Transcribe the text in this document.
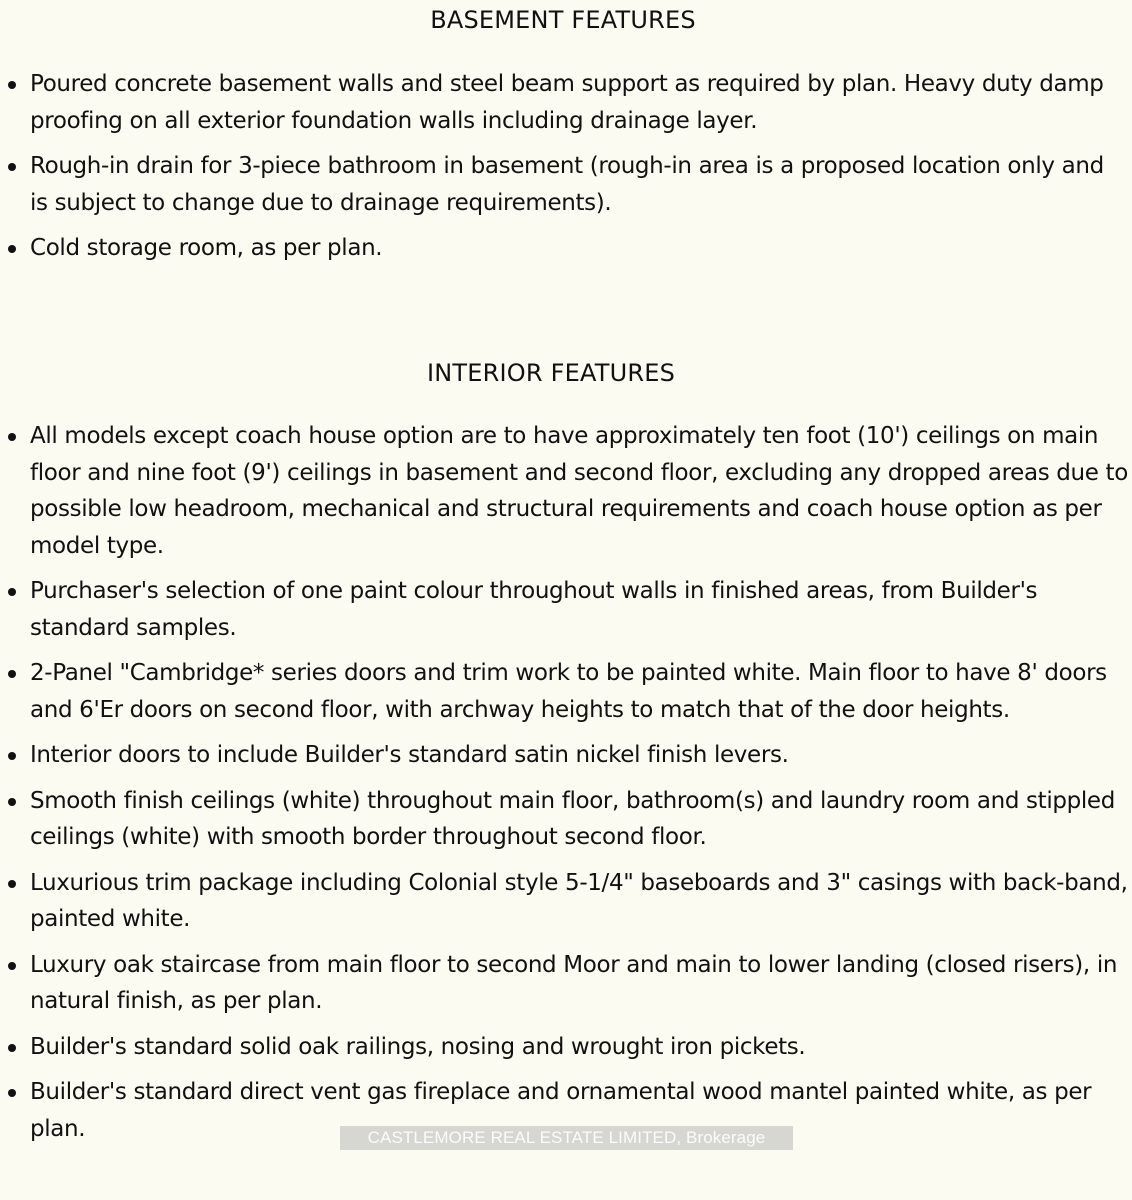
BASEMENT FEATURES
Poured concrete basement walls and steel beam support as required by plan. Heavy duty damp proofing on all exterior foundation walls including drainage layer.
Rough-in drain for 3-piece bathroom in basement (rough-in area is a proposed location only and is subject to change due to drainage requirements).
Cold storage room, as per plan.
INTERIOR FEATURES
All models except coach house option are to have approximately ten foot (10') ceilings on main floor and nine foot (9') ceilings in basement and second floor, excluding any dropped areas due to possible low headroom, mechanical and structural requirements and coach house option as per model type.
Purchaser's selection of one paint colour throughout walls in finished areas, from Builder's standard samples.
2-Panel "Cambridge* series doors and trim work to be painted white. Main floor to have 8' doors and 6'Er doors on second floor, with archway heights to match that of the door heights.
Interior doors to include Builder's standard satin nickel finish levers.
Smooth finish ceilings (white) throughout main floor, bathroom(s) and laundry room and stippled ceilings (white) with smooth border throughout second floor.
Luxurious trim package including Colonial style 5-1/4" baseboards and 3" casings with back-band, painted white.
Luxury oak staircase from main floor to second Moor and main to lower landing (closed risers), in natural finish, as per plan.
Builder's standard solid oak railings, nosing and wrought iron pickets.
Builder's standard direct vent gas fireplace and ornamental wood mantel painted white, as per plan.	CASTLEMORE REAL ESTATE LIMITED, Brokerage
